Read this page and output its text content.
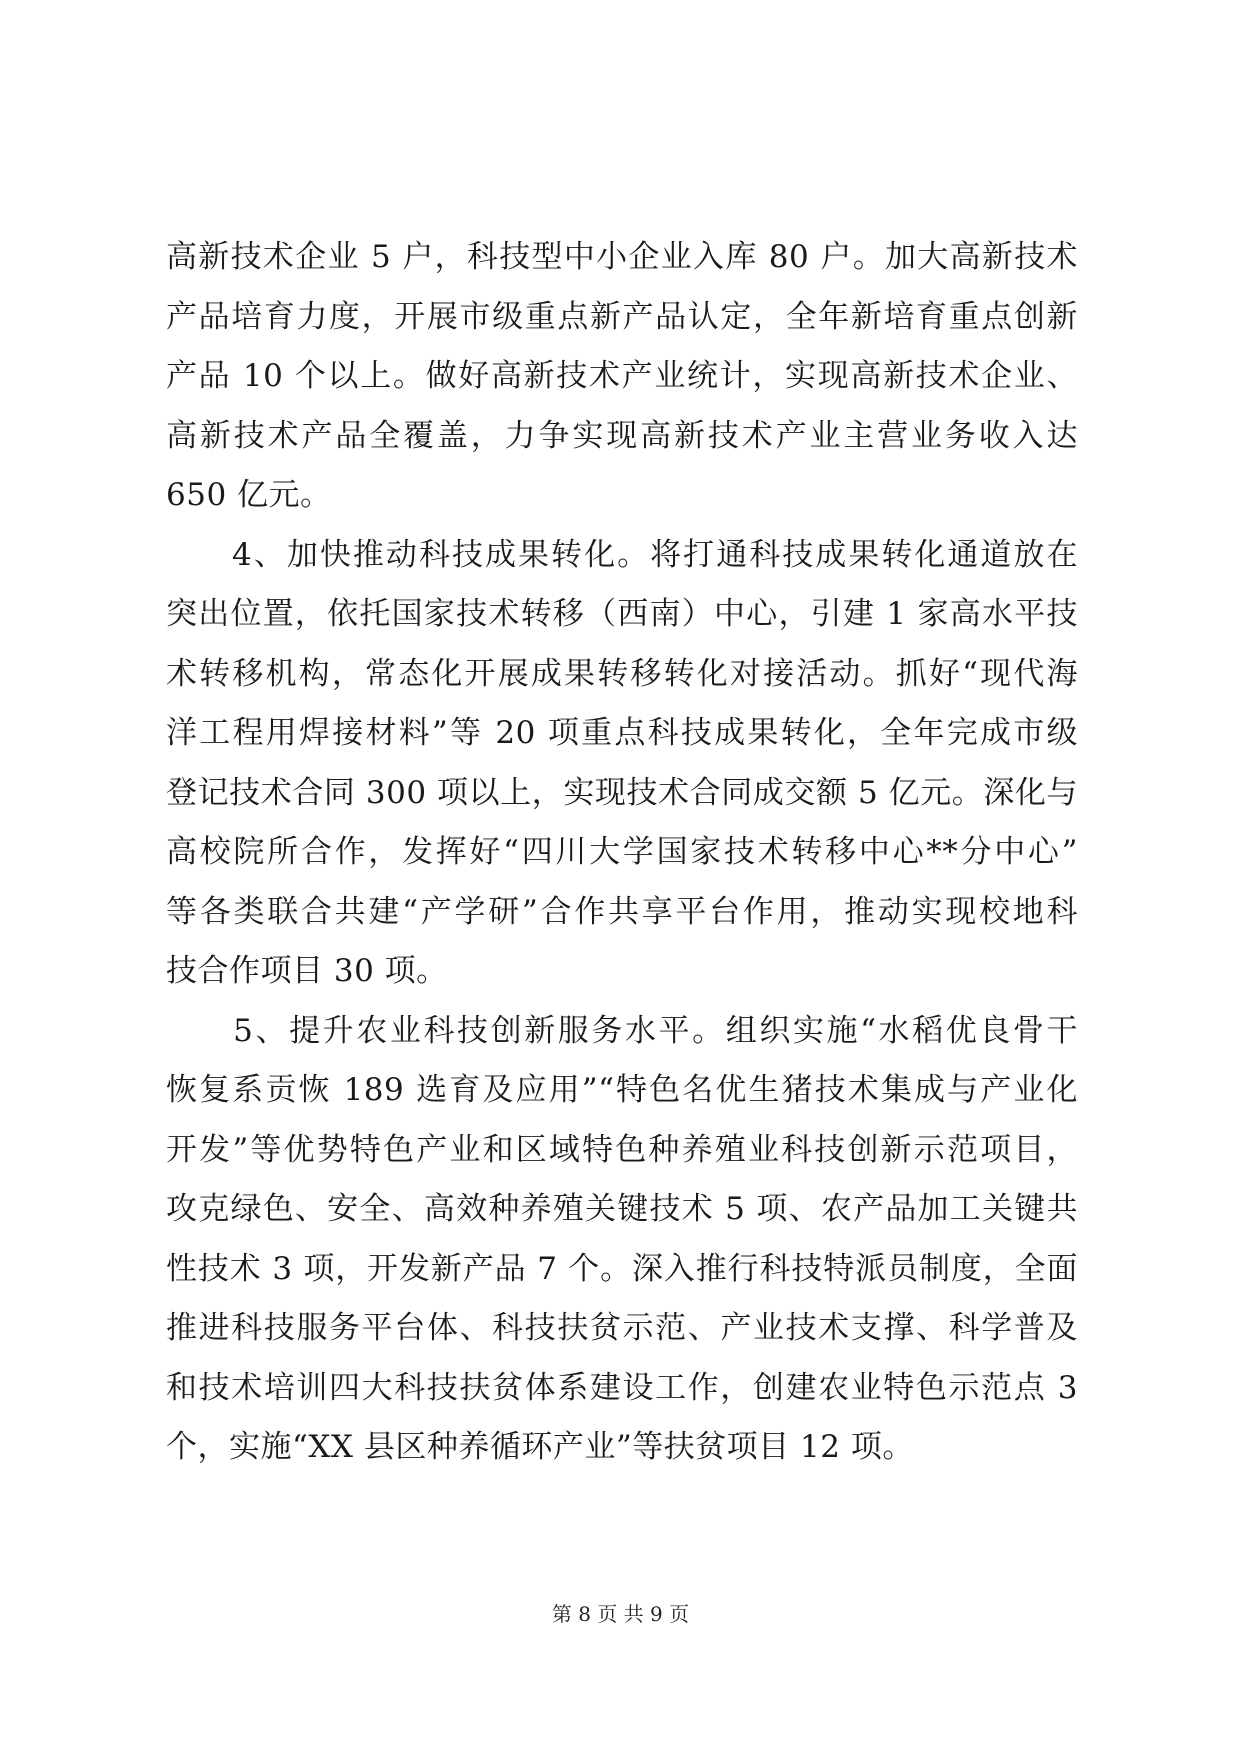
高新技术企业 5 户，科技型中小企业入库 80 户。加大高新技术
产品培育力度，开展市级重点新产品认定，全年新培育重点创新
产品 10 个以上。做好高新技术产业统计，实现高新技术企业、
高新技术产品全覆盖，力争实现高新技术产业主营业务收入达
650 亿元。
　　4、加快推动科技成果转化。将打通科技成果转化通道放在
突出位置，依托国家技术转移（西南）中心，引建 1 家高水平技
术转移机构，常态化开展成果转移转化对接活动。抓好“现代海
洋工程用焊接材料”等 20 项重点科技成果转化，全年完成市级
登记技术合同 300 项以上，实现技术合同成交额 5 亿元。深化与
高校院所合作，发挥好“四川大学国家技术转移中心**分中心”
等各类联合共建“产学研”合作共享平台作用，推动实现校地科
技合作项目 30 项。
　　5、提升农业科技创新服务水平。组织实施“水稻优良骨干
恢复系贡恢 189 选育及应用”“特色名优生猪技术集成与产业化
开发”等优势特色产业和区域特色种养殖业科技创新示范项目，
攻克绿色、安全、高效种养殖关键技术 5 项、农产品加工关键共
性技术 3 项，开发新产品 7 个。深入推行科技特派员制度，全面
推进科技服务平台体、科技扶贫示范、产业技术支撑、科学普及
和技术培训四大科技扶贫体系建设工作，创建农业特色示范点 3
个，实施“XX 县区种养循环产业”等扶贫项目 12 项。
第 8 页 共 9 页
